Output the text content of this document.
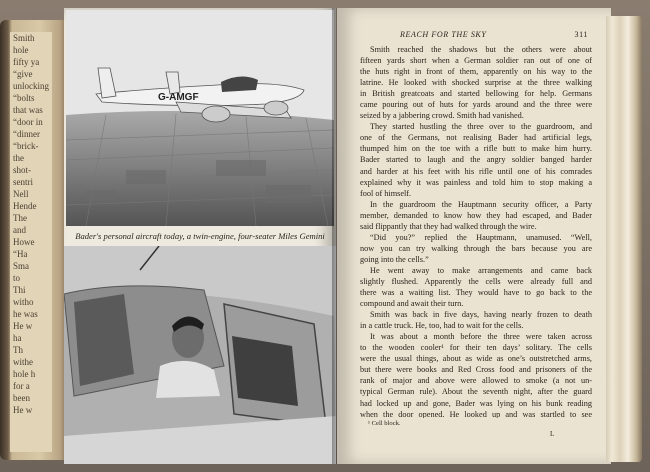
Smith
hole
fifty ya
“give
unlocking
“bolts
that was
“door in
“dinner
“brick-
the
shot-
sentri
Nell
Hende
The
and
Howe
“Ha
Sma
to
Thi
witho
he was
He w
ha
Th
withe
hole h
for a
been
He w
G-AMGF
Bader's personal aircraft today, a twin-engine, four-seater Miles Gemini
REACH FOR THE SKY	311
Smith reached the shadows but the others were about
fifteen yards short when a German soldier ran out of one of
the huts right in front of them, apparently on his way to the
latrine. He looked with shocked surprise at the three walking
in British greatcoats and started bellowing for help. Germans
came pouring out of huts for yards around and the three were
seized by a jabbering crowd. Smith had vanished.
They started hustling the three over to the guardroom, and
one of the Germans, not realising Bader had artificial legs,
thumped him on the toe with a rifle butt to make him hurry.
Bader started to laugh and the angry soldier banged harder
and harder at his feet with his rifle until one of his comrades
explained why it was painless and told him to stop making a
fool of himself.
In the guardroom the Hauptmann security officer, a Party
member, demanded to know how they had escaped, and Bader
said flippantly that they had walked through the wire.
“Did you?” replied the Hauptmann, unamused. “Well,
now you can try walking through the bars because you are
going into the cells.”
He went away to make arrangements and came back
slightly flushed. Apparently the cells were already full and
there was a waiting list. They would have to go back to the
compound and await their turn.
Smith was back in five days, having nearly frozen to death
in a cattle truck. He, too, had to wait for the cells.
It was about a month before the three were taken across
to the wooden cooler¹ for their ten days’ solitary. The cells
were the usual things, about as wide as one’s outstretched arms,
but there were books and Red Cross food and prisoners of the
rank of major and above were allowed to smoke (a not un-
typical German rule). About the seventh night, after the guard
had locked up and gone, Bader was lying on his bunk reading
when the door opened. He looked up and was startled to see
¹ Cell block.
L
